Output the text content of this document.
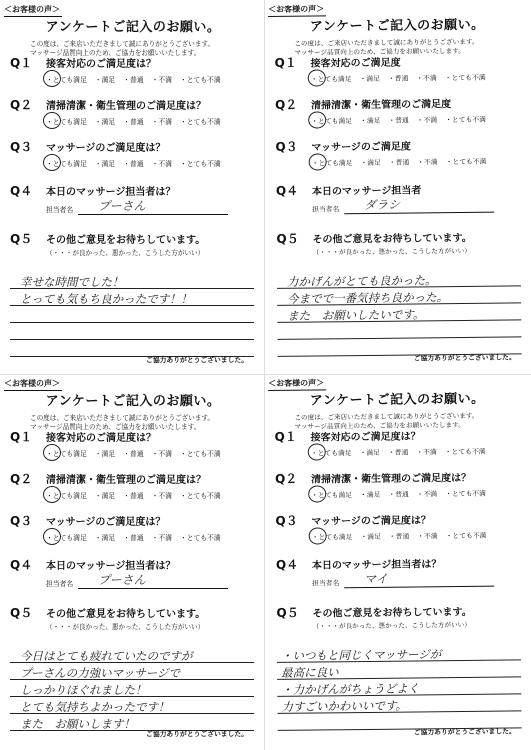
＜お客様の声＞
アンケートご記入のお願い。
この度は、ご来店いただきまして誠にありがとうございます。
マッサージ品質向上のため、ご協力をお願いいたします。
Q１ 接客対応のご満足度は？
・ とても満足 ・ 満足 ・ 普通 ・ 不満 ・ とても不満
Q２ 清掃清潔・衛生管理のご満足度は？
・ とても満足 ・ 満足 ・ 普通 ・ 不満 ・ とても不満
Q３ マッサージのご満足度は？
・ とても満足 ・ 満足 ・ 普通 ・ 不満 ・ とても不満
Q４ 本日のマッサージ担当者は？
担当者名 プーさん
Q５ その他ご意見をお待ちしています。
（・・・が良かった、悪かった、こうした方がいい）
幸せな時間でした！
とっても気もち良かったです！！
ご協力ありがとうございました。
＜お客様の声＞
アンケートご記入のお願い。
この度は、ご来店いただきまして誠にありがとうございます。
マッサージ品質向上のため、ご協力をお願いいたします。
Q１ 接客対応のご満足度
・ とても満足 ・ 満足 ・ 普通 ・ 不満 ・ とても不満
Q２ 清掃清潔・衛生管理のご満足度
・ とても満足 ・ 満足 ・ 普通 ・ 不満 ・ とても不満
Q３ マッサージのご満足度
・ とても満足 ・ 満足 ・ 普通 ・ 不満 ・ とても不満
Q４ 本日のマッサージ担当者
担当者名 ダラシ
Q５ その他ご意見をお待ちしています。
（・・・が良かった、悪かった、こうした方がいい）
力かげんがとても良かった。
今までで一番気持ち良かった。
また　お願いしたいです。
ご協力ありがとうございました。
＜お客様の声＞
アンケートご記入のお願い。
この度は、ご来店いただきまして誠にありがとうございます。
マッサージ品質向上のため、ご協力をお願いいたします。
Q１ 接客対応のご満足度は？
・ とても満足 ・ 満足 ・ 普通 ・ 不満 ・ とても不満
Q２ 清掃清潔・衛生管理のご満足度は？
・ とても満足 ・ 満足 ・ 普通 ・ 不満 ・ とても不満
Q３ マッサージのご満足度は？
・ とても満足 ・ 満足 ・ 普通 ・ 不満 ・ とても不満
Q４ 本日のマッサージ担当者は？
担当者名 プーさん
Q５ その他ご意見をお待ちしています。
（・・・が良かった、悪かった、こうした方がいい）
今日はとても疲れていたのですが
プーさんの力強いマッサージで
しっかりほぐれました！
とても気持ちよかったです！
また　お願いします！
ご協力ありがとうございました。
＜お客様の声＞
アンケートご記入のお願い。
この度は、ご来店いただきまして誠にありがとうございます。
マッサージ品質向上のため、ご協力をお願いいたします。
Q１ 接客対応のご満足度は？
・ とても満足 ・ 満足 ・ 普通 ・ 不満 ・ とても不満
Q２ 清掃清潔・衛生管理のご満足度は？
・ とても満足 ・ 満足 ・ 普通 ・ 不満 ・ とても不満
Q３ マッサージのご満足度は？
・ とても満足 ・ 満足 ・ 普通 ・ 不満 ・ とても不満
Q４ 本日のマッサージ担当者は？
担当者名 マイ
Q５ その他ご意見をお待ちしています。
（・・・が良かった、悪かった、こうした方がいい）
・いつもと同じくマッサージが
最高に良い
・力かげんがちょうどよく
力すごいかわいいです。
ご協力ありがとうございました。
